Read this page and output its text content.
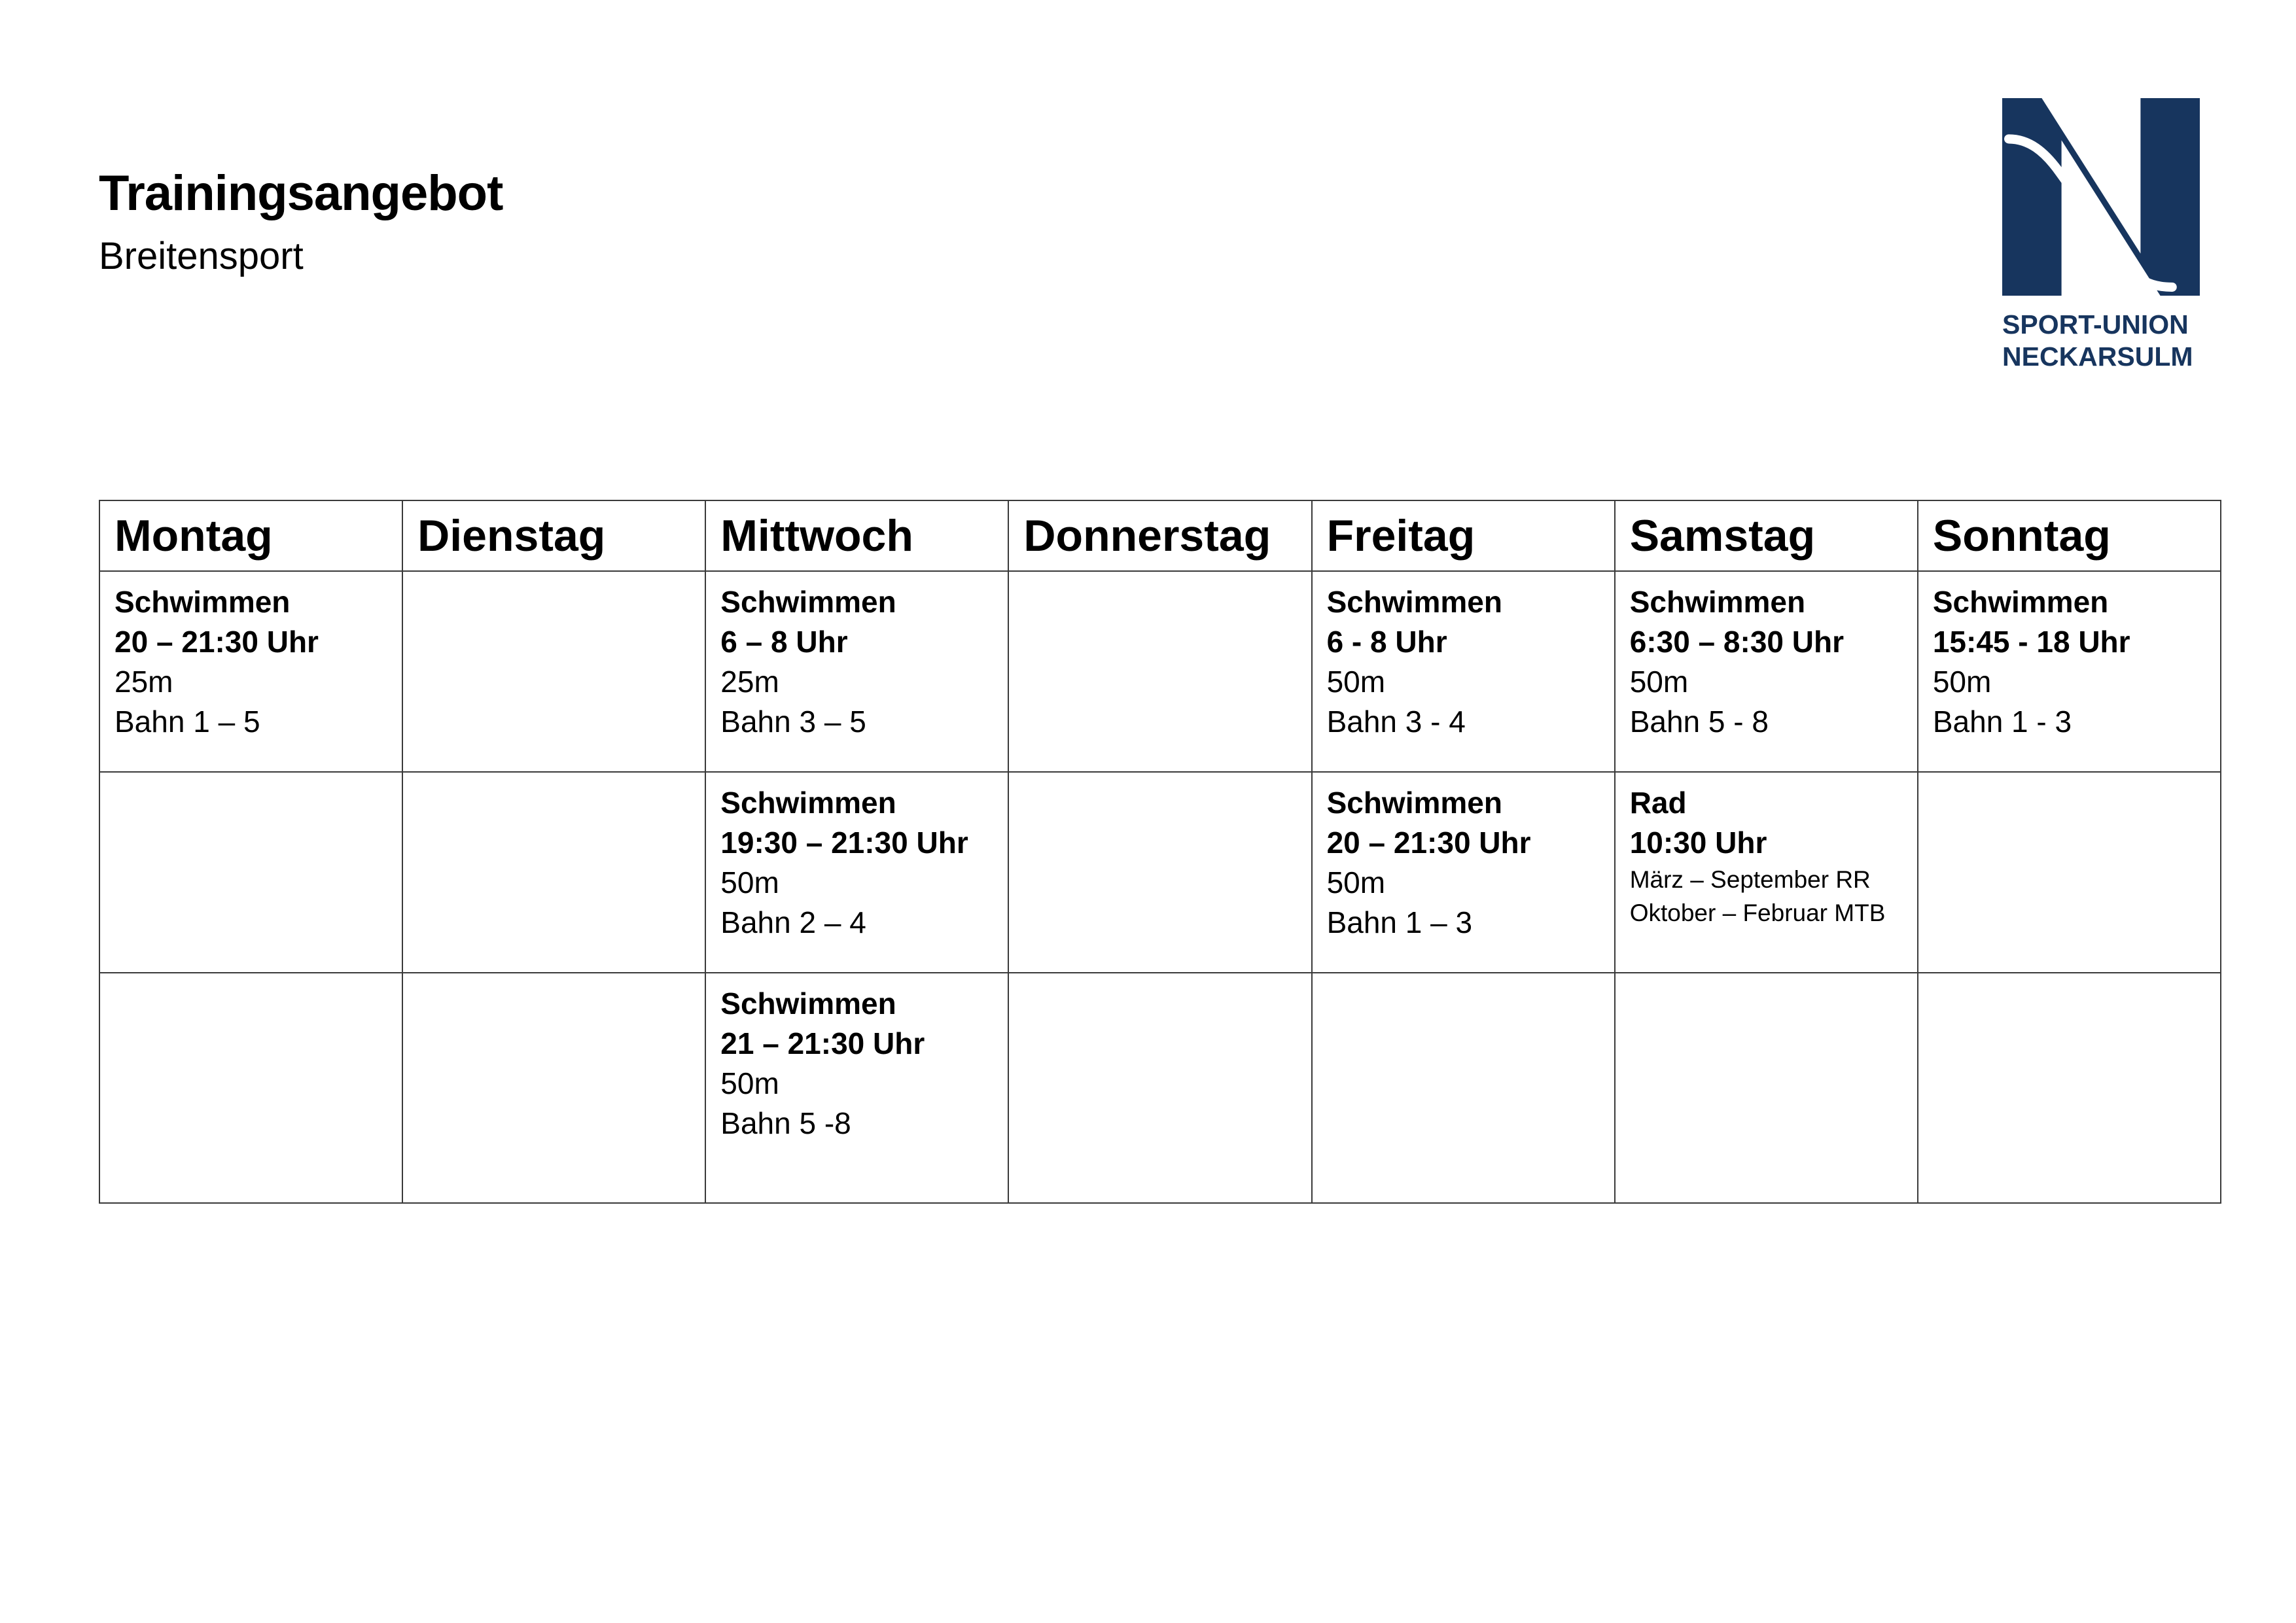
Trainingsangebot
Breitensport
SPORT-UNION
NECKARSULM
Montag	Dienstag	Mittwoch	Donnerstag	Freitag	Samstag	Sonntag

Schwimmen
20 – 21:30 Uhr
25m
Bahn 1 – 5		Schwimmen
6 – 8 Uhr
25m
Bahn 3 – 5		Schwimmen
6 - 8 Uhr
50m
Bahn 3 - 4	Schwimmen
6:30 – 8:30 Uhr
50m
Bahn 5 - 8	Schwimmen
15:45 - 18 Uhr
50m
Bahn 1 - 3

		Schwimmen
19:30 – 21:30 Uhr
50m
Bahn 2 – 4		Schwimmen
20 – 21:30 Uhr
50m
Bahn 1 – 3	Rad
10:30 Uhr
März – September RR
Oktober – Februar MTB	

		Schwimmen
21 – 21:30 Uhr
50m
Bahn 5 -8				
